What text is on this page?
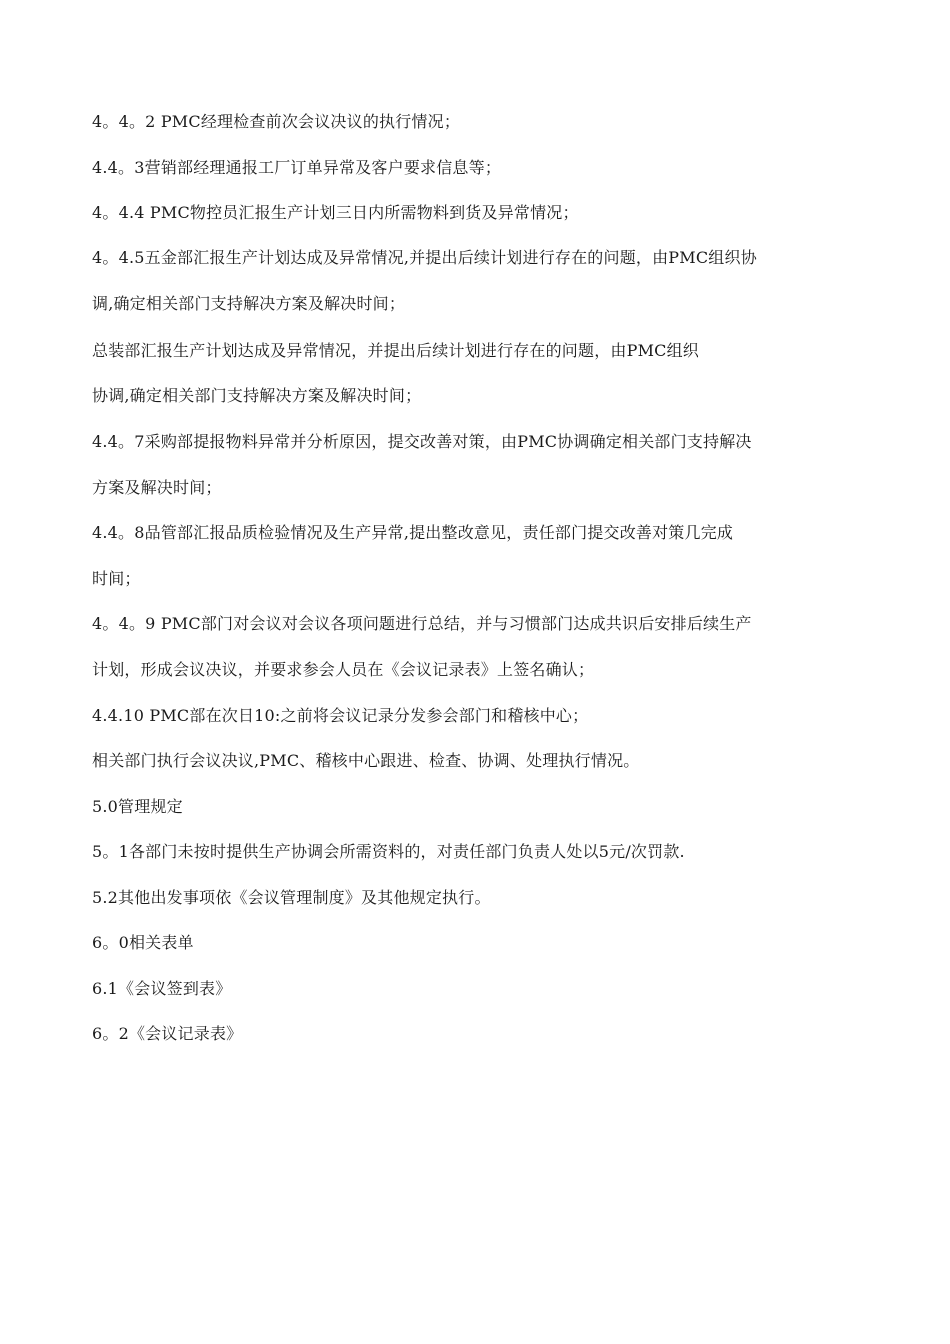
4。4。2 PMC经理检查前次会议决议的执行情况；
4.4。3营销部经理通报工厂订单异常及客户要求信息等；
4。4.4 PMC物控员汇报生产计划三日内所需物料到货及异常情况；
4。4.5五金部汇报生产计划达成及异常情况,并提出后续计划进行存在的问题，由PMC组织协
调,确定相关部门支持解决方案及解决时间；
总装部汇报生产计划达成及异常情况，并提出后续计划进行存在的问题，由PMC组织
协调,确定相关部门支持解决方案及解决时间；
4.4。7采购部提报物料异常并分析原因，提交改善对策，由PMC协调确定相关部门支持解决
方案及解决时间；
4.4。8品管部汇报品质检验情况及生产异常,提出整改意见，责任部门提交改善对策几完成
时间；
4。4。9 PMC部门对会议对会议各项问题进行总结，并与习惯部门达成共识后安排后续生产
计划，形成会议决议，并要求参会人员在《会议记录表》上签名确认；
4.4.10 PMC部在次日10:之前将会议记录分发参会部门和稽核中心；
相关部门执行会议决议,PMC、稽核中心跟进、检查、协调、处理执行情况。
5.0管理规定
5。1各部门未按时提供生产协调会所需资料的，对责任部门负责人处以5元/次罚款.
5.2其他出发事项依《会议管理制度》及其他规定执行。
6。0相关表单
6.1《会议签到表》
6。2《会议记录表》
